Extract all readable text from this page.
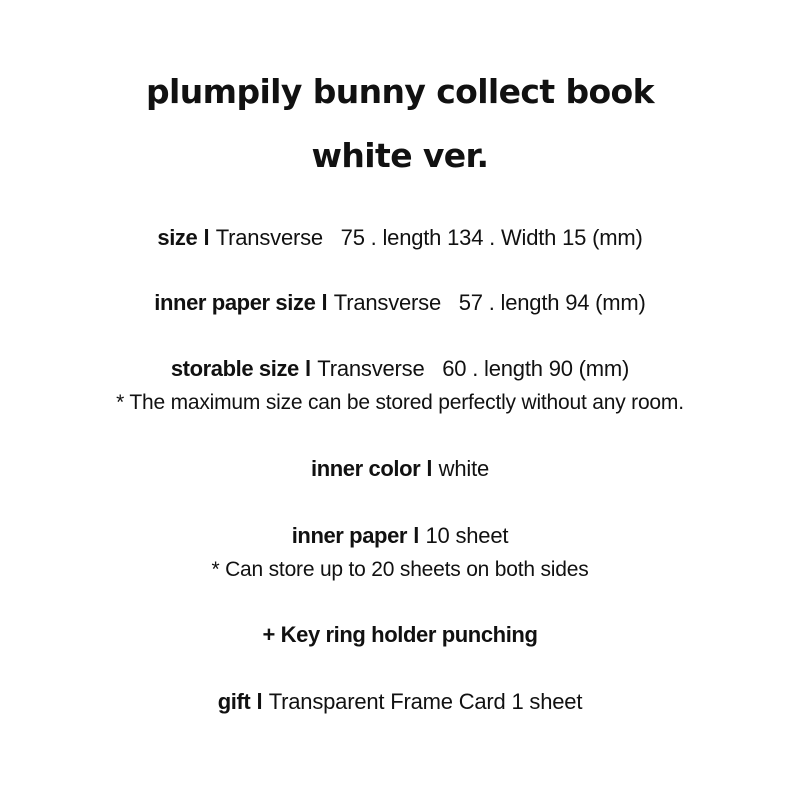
plumpily bunny collect book
white ver.
size l Transverse   75 . length 134 . Width 15 (mm)
inner paper size l Transverse   57 . length 94 (mm)
storable size l Transverse   60 . length 90 (mm)
* The maximum size can be stored perfectly without any room.
inner color l white
inner paper l 10 sheet
* Can store up to 20 sheets on both sides
+ Key ring holder punching
gift l Transparent Frame Card 1 sheet
